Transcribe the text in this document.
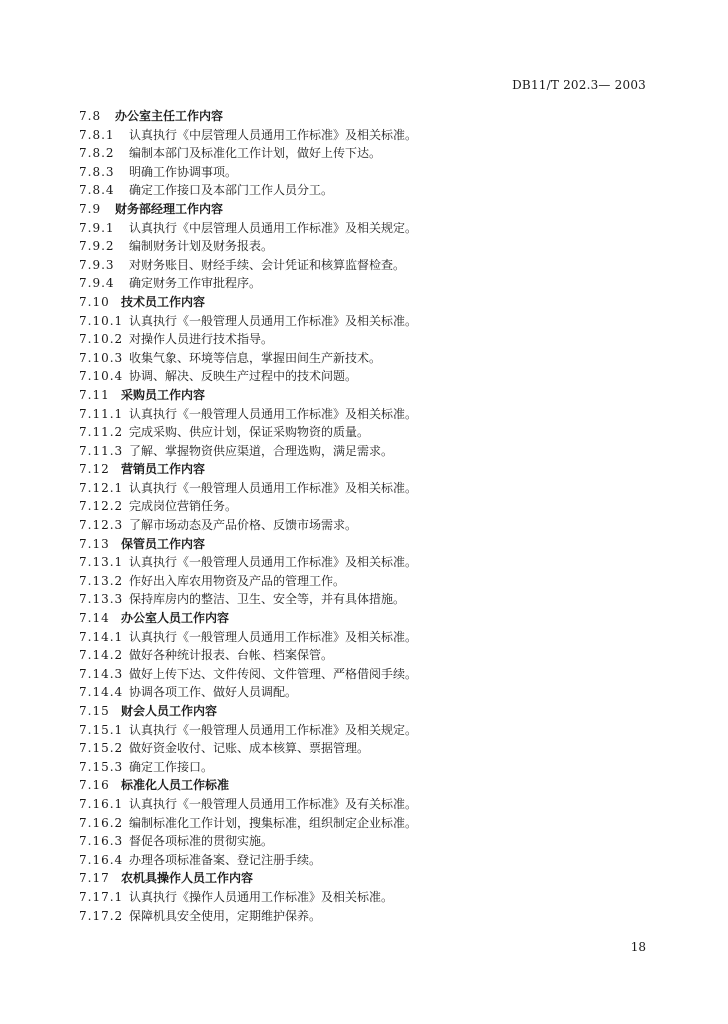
DB11/T 202.3— 2003
7.8	办公室主任工作内容
7.8.1	认真执行《中层管理人员通用工作标准》及相关标准。
7.8.2	编制本部门及标准化工作计划，做好上传下达。
7.8.3	明确工作协调事项。
7.8.4	确定工作接口及本部门工作人员分工。
7.9	财务部经理工作内容
7.9.1	认真执行《中层管理人员通用工作标准》及相关规定。
7.9.2	编制财务计划及财务报表。
7.9.3	对财务账目、财经手续、会计凭证和核算监督检查。
7.9.4	确定财务工作审批程序。
7.10 技术员工作内容
7.10.1 认真执行《一般管理人员通用工作标准》及相关标准。
7.10.2 对操作人员进行技术指导。
7.10.3 收集气象、环境等信息，掌握田间生产新技术。
7.10.4 协调、解决、反映生产过程中的技术问题。
7.11 采购员工作内容
7.11.1 认真执行《一般管理人员通用工作标准》及相关标准。
7.11.2 完成采购、供应计划，保证采购物资的质量。
7.11.3 了解、掌握物资供应渠道，合理选购，满足需求。
7.12 营销员工作内容
7.12.1 认真执行《一般管理人员通用工作标准》及相关标准。
7.12.2 完成岗位营销任务。
7.12.3 了解市场动态及产品价格、反馈市场需求。
7.13 保管员工作内容
7.13.1 认真执行《一般管理人员通用工作标准》及相关标准。
7.13.2 作好出入库农用物资及产品的管理工作。
7.13.3 保持库房内的整洁、卫生、安全等，并有具体措施。
7.14 办公室人员工作内容
7.14.1 认真执行《一般管理人员通用工作标准》及相关标准。
7.14.2 做好各种统计报表、台帐、档案保管。
7.14.3 做好上传下达、文件传阅、文件管理、严格借阅手续。
7.14.4 协调各项工作、做好人员调配。
7.15 财会人员工作内容
7.15.1 认真执行《一般管理人员通用工作标准》及相关规定。
7.15.2 做好资金收付、记账、成本核算、票据管理。
7.15.3 确定工作接口。
7.16 标准化人员工作标准
7.16.1 认真执行《一般管理人员通用工作标准》及有关标准。
7.16.2 编制标准化工作计划，搜集标准，组织制定企业标准。
7.16.3 督促各项标准的贯彻实施。
7.16.4 办理各项标准备案、登记注册手续。
7.17 农机具操作人员工作内容
7.17.1 认真执行《操作人员通用工作标准》及相关标准。
7.17.2 保障机具安全使用，定期维护保养。
18
